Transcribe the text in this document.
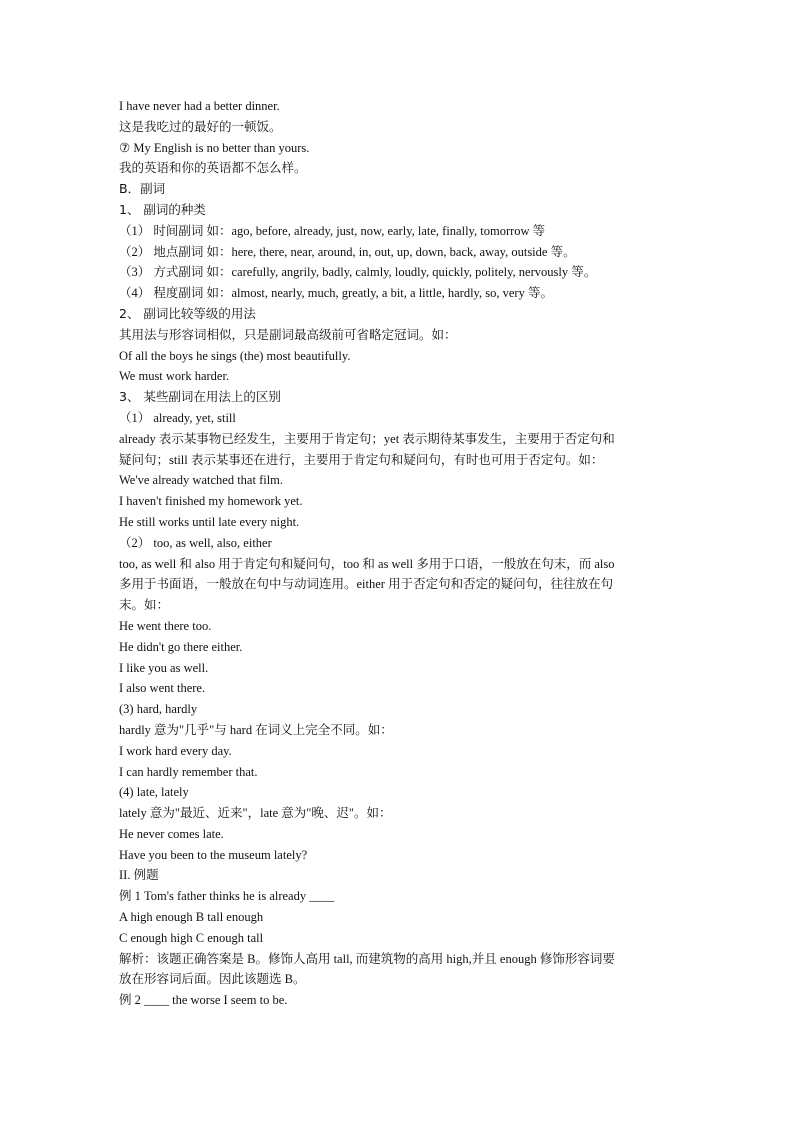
I have never had a better dinner.
这是我吃过的最好的一顿饭。
⑦ My English is no better than yours.
我的英语和你的英语都不怎么样。
B．副词
1、 副词的种类
（1） 时间副词 如：ago, before, already, just, now, early, late, finally, tomorrow 等
（2） 地点副词 如：here, there, near, around, in, out, up, down, back, away, outside 等。
（3） 方式副词 如：carefully, angrily, badly, calmly, loudly, quickly, politely, nervously 等。
（4） 程度副词 如：almost, nearly, much, greatly, a bit, a little, hardly, so, very 等。
2、 副词比较等级的用法
其用法与形容词相似，只是副词最高级前可省略定冠词。如：
Of all the boys he sings (the) most beautifully.
We must work harder.
3、 某些副词在用法上的区别
（1） already, yet, still
already 表示某事物已经发生，主要用于肯定句；yet 表示期待某事发生，主要用于否定句和
疑问句；still 表示某事还在进行，主要用于肯定句和疑问句，有时也可用于否定句。如：
We've already watched that film.
I haven't finished my homework yet.
He still works until late every night.
（2） too, as well, also, either
too, as well 和 also 用于肯定句和疑问句，too 和 as well 多用于口语，一般放在句末，而 also
多用于书面语，一般放在句中与动词连用。either 用于否定句和否定的疑问句，往往放在句
末。如：
He went there too.
He didn't go there either.
I like you as well.
I also went there.
(3) hard, hardly
hardly 意为"几乎"与 hard 在词义上完全不同。如：
I work hard every day.
I can hardly remember that.
(4) late, lately
lately 意为"最近、近来"，late 意为"晚、迟"。如：
He never comes late.
Have you been to the museum lately?
II. 例题
例 1 Tom's father thinks he is already ____
A high enough B tall enough
C enough high C enough tall
解析：该题正确答案是 B。修饰人高用 tall, 而建筑物的高用 high,并且 enough 修饰形容词要
放在形容词后面。因此该题选 B。
例 2 ____ the worse I seem to be.
